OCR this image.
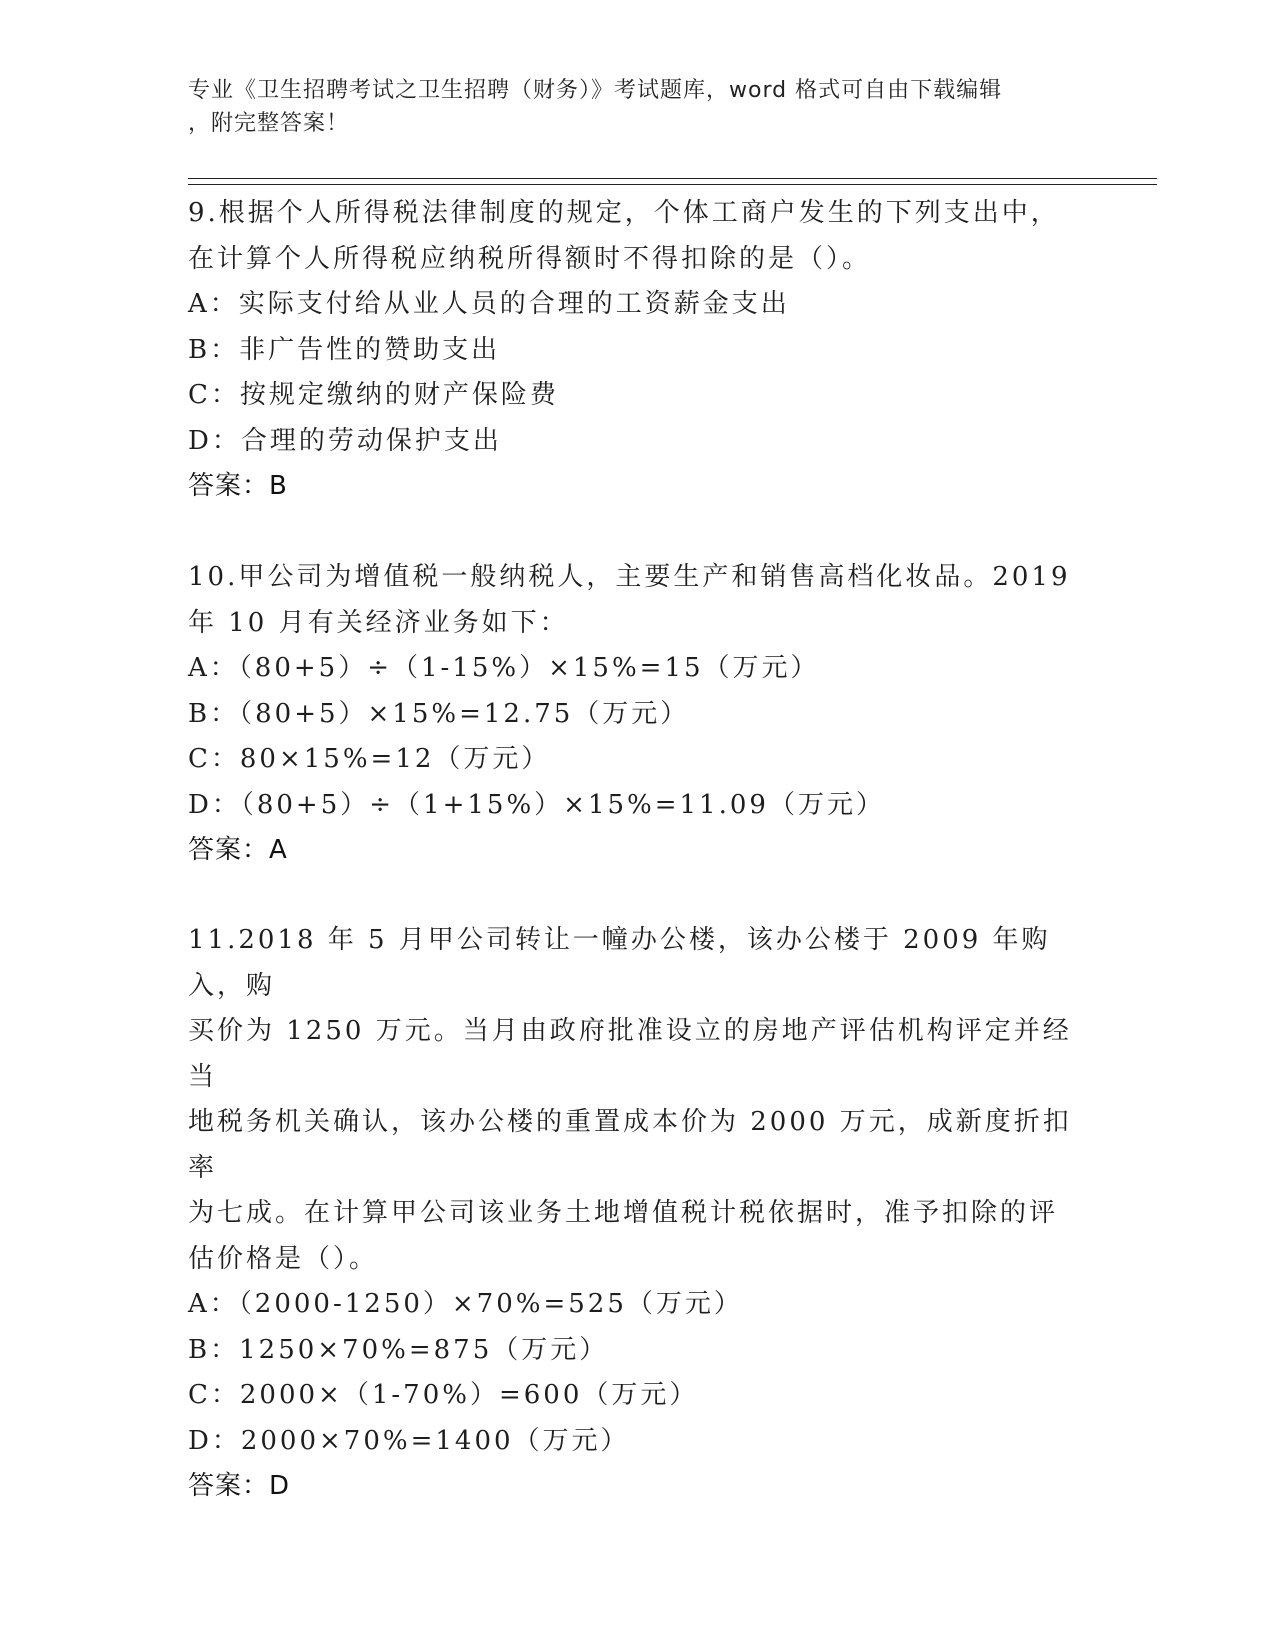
专业《卫生招聘考试之卫生招聘（财务）》考试题库，word 格式可自由下载编辑
，附完整答案！

9.根据个人所得税法律制度的规定，个体工商户发生的下列支出中，

在计算个人所得税应纳税所得额时不得扣除的是（）。

A：实际支付给从业人员的合理的工资薪金支出

B：非广告性的赞助支出

C：按规定缴纳的财产保险费

D：合理的劳动保护支出

答案：B

10.甲公司为增值税一般纳税人，主要生产和销售高档化妆品。2019

年 10 月有关经济业务如下：

A：（80+5）÷（1-15%）×15%=15（万元）

B：（80+5）×15%=12.75（万元）

C：80×15%=12（万元）

D：（80+5）÷（1+15%）×15%=11.09（万元）

答案：A

11.2018 年 5 月甲公司转让一幢办公楼，该办公楼于 2009 年购入，购

买价为 1250 万元。当月由政府批准设立的房地产评估机构评定并经当

地税务机关确认，该办公楼的重置成本价为 2000 万元，成新度折扣率

为七成。在计算甲公司该业务土地增值税计税依据时，准予扣除的评

估价格是（）。

A：（2000-1250）×70%=525（万元）

B：1250×70%=875（万元）

C：2000×（1-70%）=600（万元）

D：2000×70%=1400（万元）

答案：D
